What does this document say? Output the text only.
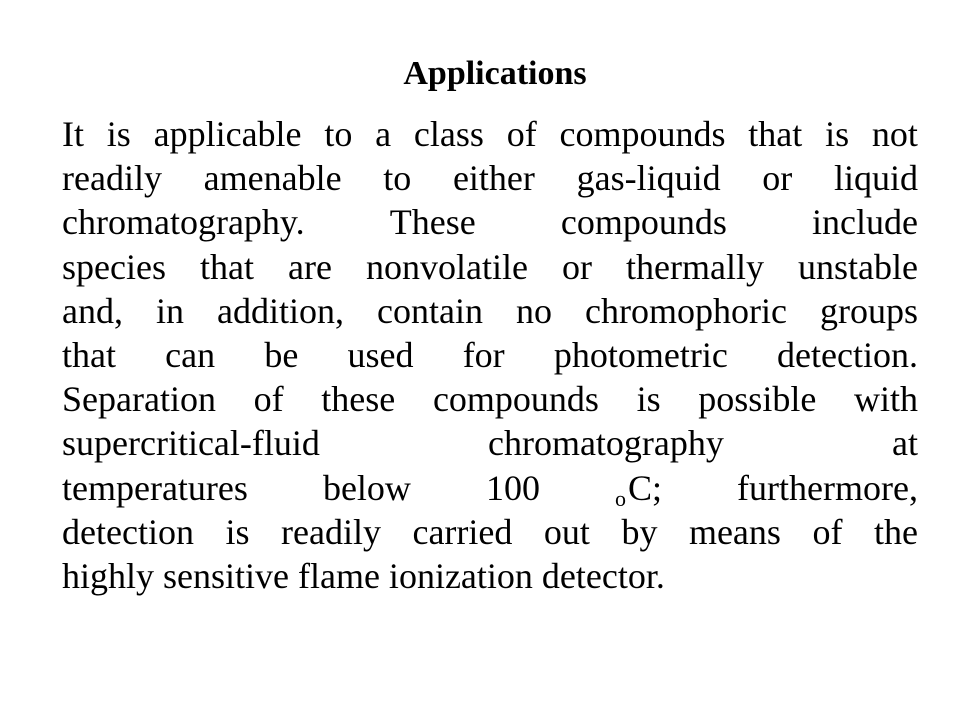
Applications
It is applicable to a class of compounds that is not
readily amenable to either gas-liquid or liquid
chromatography. These compounds include
species that are nonvolatile or thermally unstable
and, in addition, contain no chromophoric groups
that can be used for photometric detection.
Separation of these compounds is possible with
supercritical-fluid	chromatography	at
temperatures below 100	oC; furthermore,
detection is readily carried out by means of the
highly sensitive flame ionization detector.
